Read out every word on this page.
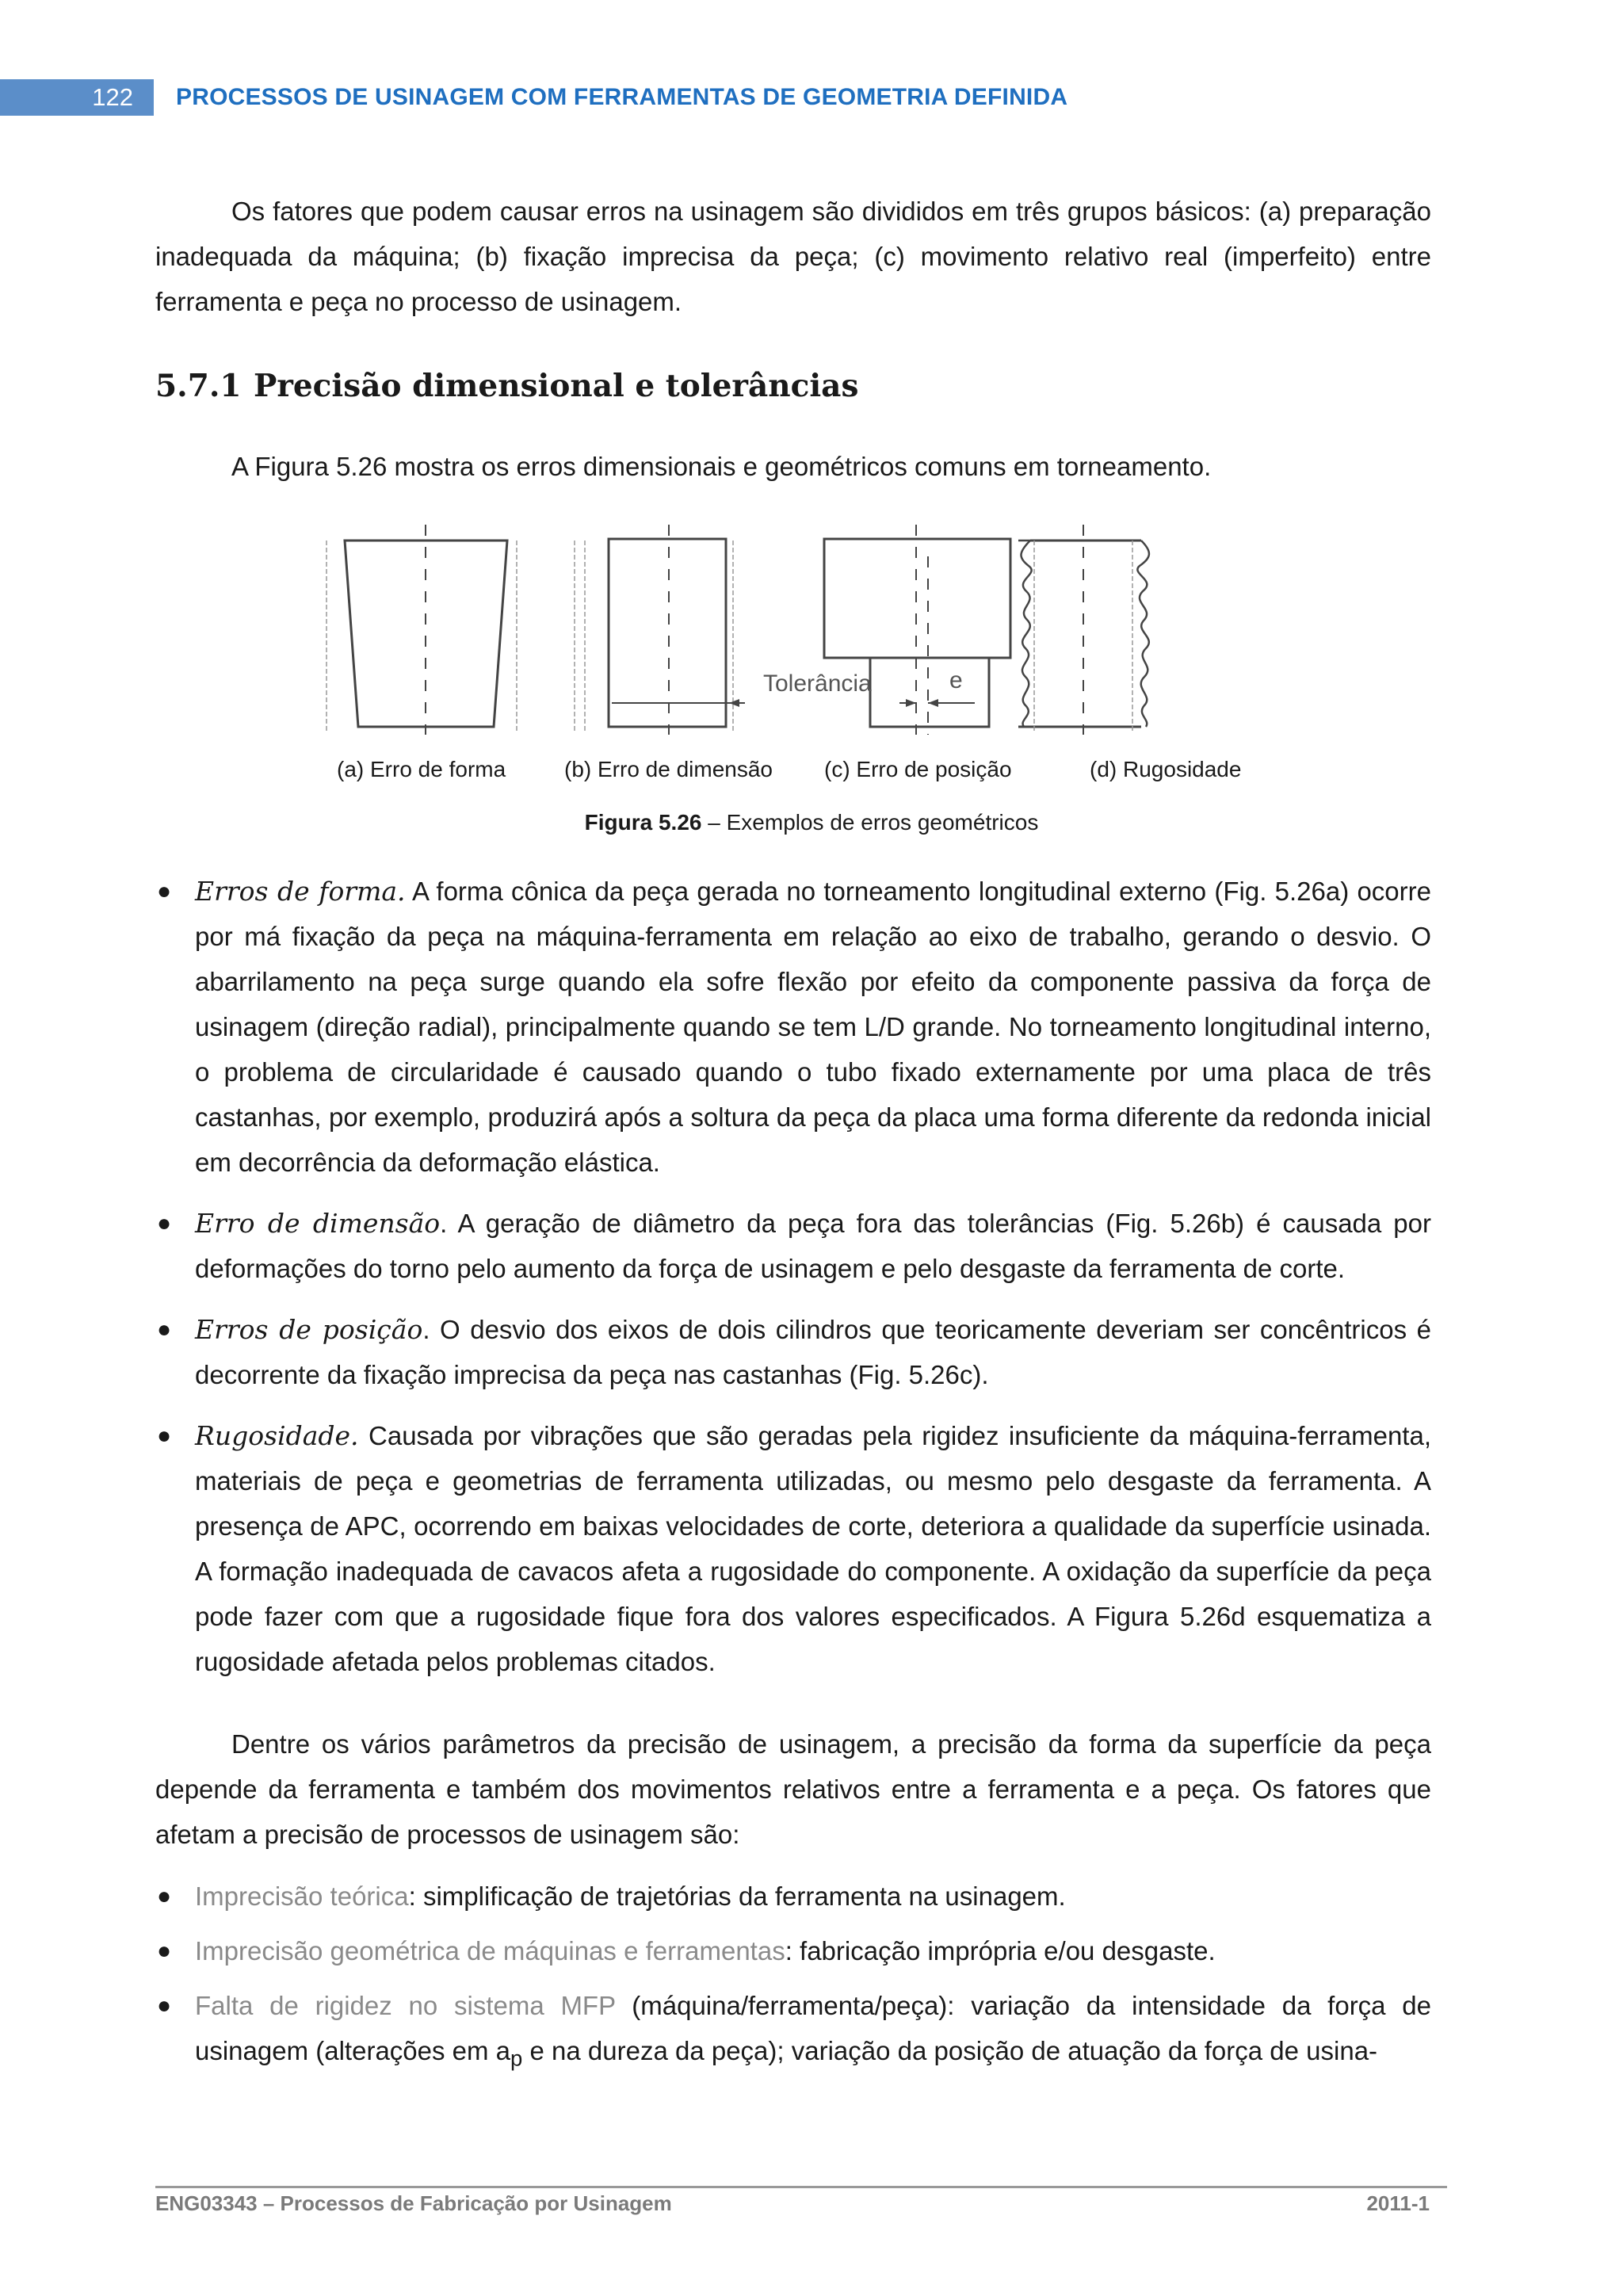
122 PROCESSOS DE USINAGEM COM FERRAMENTAS DE GEOMETRIA DEFINIDA

Os fatores que podem causar erros na usinagem são divididos em três grupos básicos: (a) preparação inadequada da máquina; (b) fixação imprecisa da peça; (c) movimento relativo real (imperfeito) entre ferramenta e peça no processo de usinagem.

5.7.1 Precisão dimensional e tolerâncias

A Figura 5.26 mostra os erros dimensionais e geométricos comuns em torneamento.

Tolerância	e
(a) Erro de forma	(b) Erro de dimensão (c) Erro de posição	(d) Rugosidade
Figura 5.26 – Exemplos de erros geométricos
● Erros de forma. A forma cônica da peça gerada no torneamento longitudinal externo (Fig. 5.26a) ocorre por má fixação da peça na máquina-ferramenta em relação ao eixo de trabalho, gerando o desvio. O abarrilamento na peça surge quando ela sofre flexão por efeito da componente passiva da força de usinagem (direção radial), principalmente quando se tem L/D grande. No torneamento longitudinal interno, o problema de circularidade é causado quando o tubo fixado externamente por uma placa de três castanhas, por exemplo, produzirá após a soltura da peça da placa uma forma diferente da redonda inicial em decorrência da deformação elástica.
● Erro de dimensão. A geração de diâmetro da peça fora das tolerâncias (Fig. 5.26b) é causada por deformações do torno pelo aumento da força de usinagem e pelo desgaste da ferramenta de corte.
● Erros de posição. O desvio dos eixos de dois cilindros que teoricamente deveriam ser concêntricos é decorrente da fixação imprecisa da peça nas castanhas (Fig. 5.26c).
● Rugosidade. Causada por vibrações que são geradas pela rigidez insuficiente da máquina-ferramenta, materiais de peça e geometrias de ferramenta utilizadas, ou mesmo pelo desgaste da ferramenta. A presença de APC, ocorrendo em baixas velocidades de corte, deteriora a qualidade da superfície usinada. A formação inadequada de cavacos afeta a rugosidade do componente. A oxidação da superfície da peça pode fazer com que a rugosidade fique fora dos valores especificados. A Figura 5.26d esquematiza a rugosidade afetada pelos problemas citados.

Dentre os vários parâmetros da precisão de usinagem, a precisão da forma da superfície da peça depende da ferramenta e também dos movimentos relativos entre a ferramenta e a peça. Os fatores que afetam a precisão de processos de usinagem são:

● Imprecisão teórica: simplificação de trajetórias da ferramenta na usinagem.
● Imprecisão geométrica de máquinas e ferramentas: fabricação imprópria e/ou desgaste.
● Falta de rigidez no sistema MFP (máquina/ferramenta/peça): variação da intensidade da força de usinagem (alterações em $a_p$ e na dureza da peça); variação da posição de atuação da força de usina-
ENG03343 – Processos de Fabricação por Usinagem	2011-1
